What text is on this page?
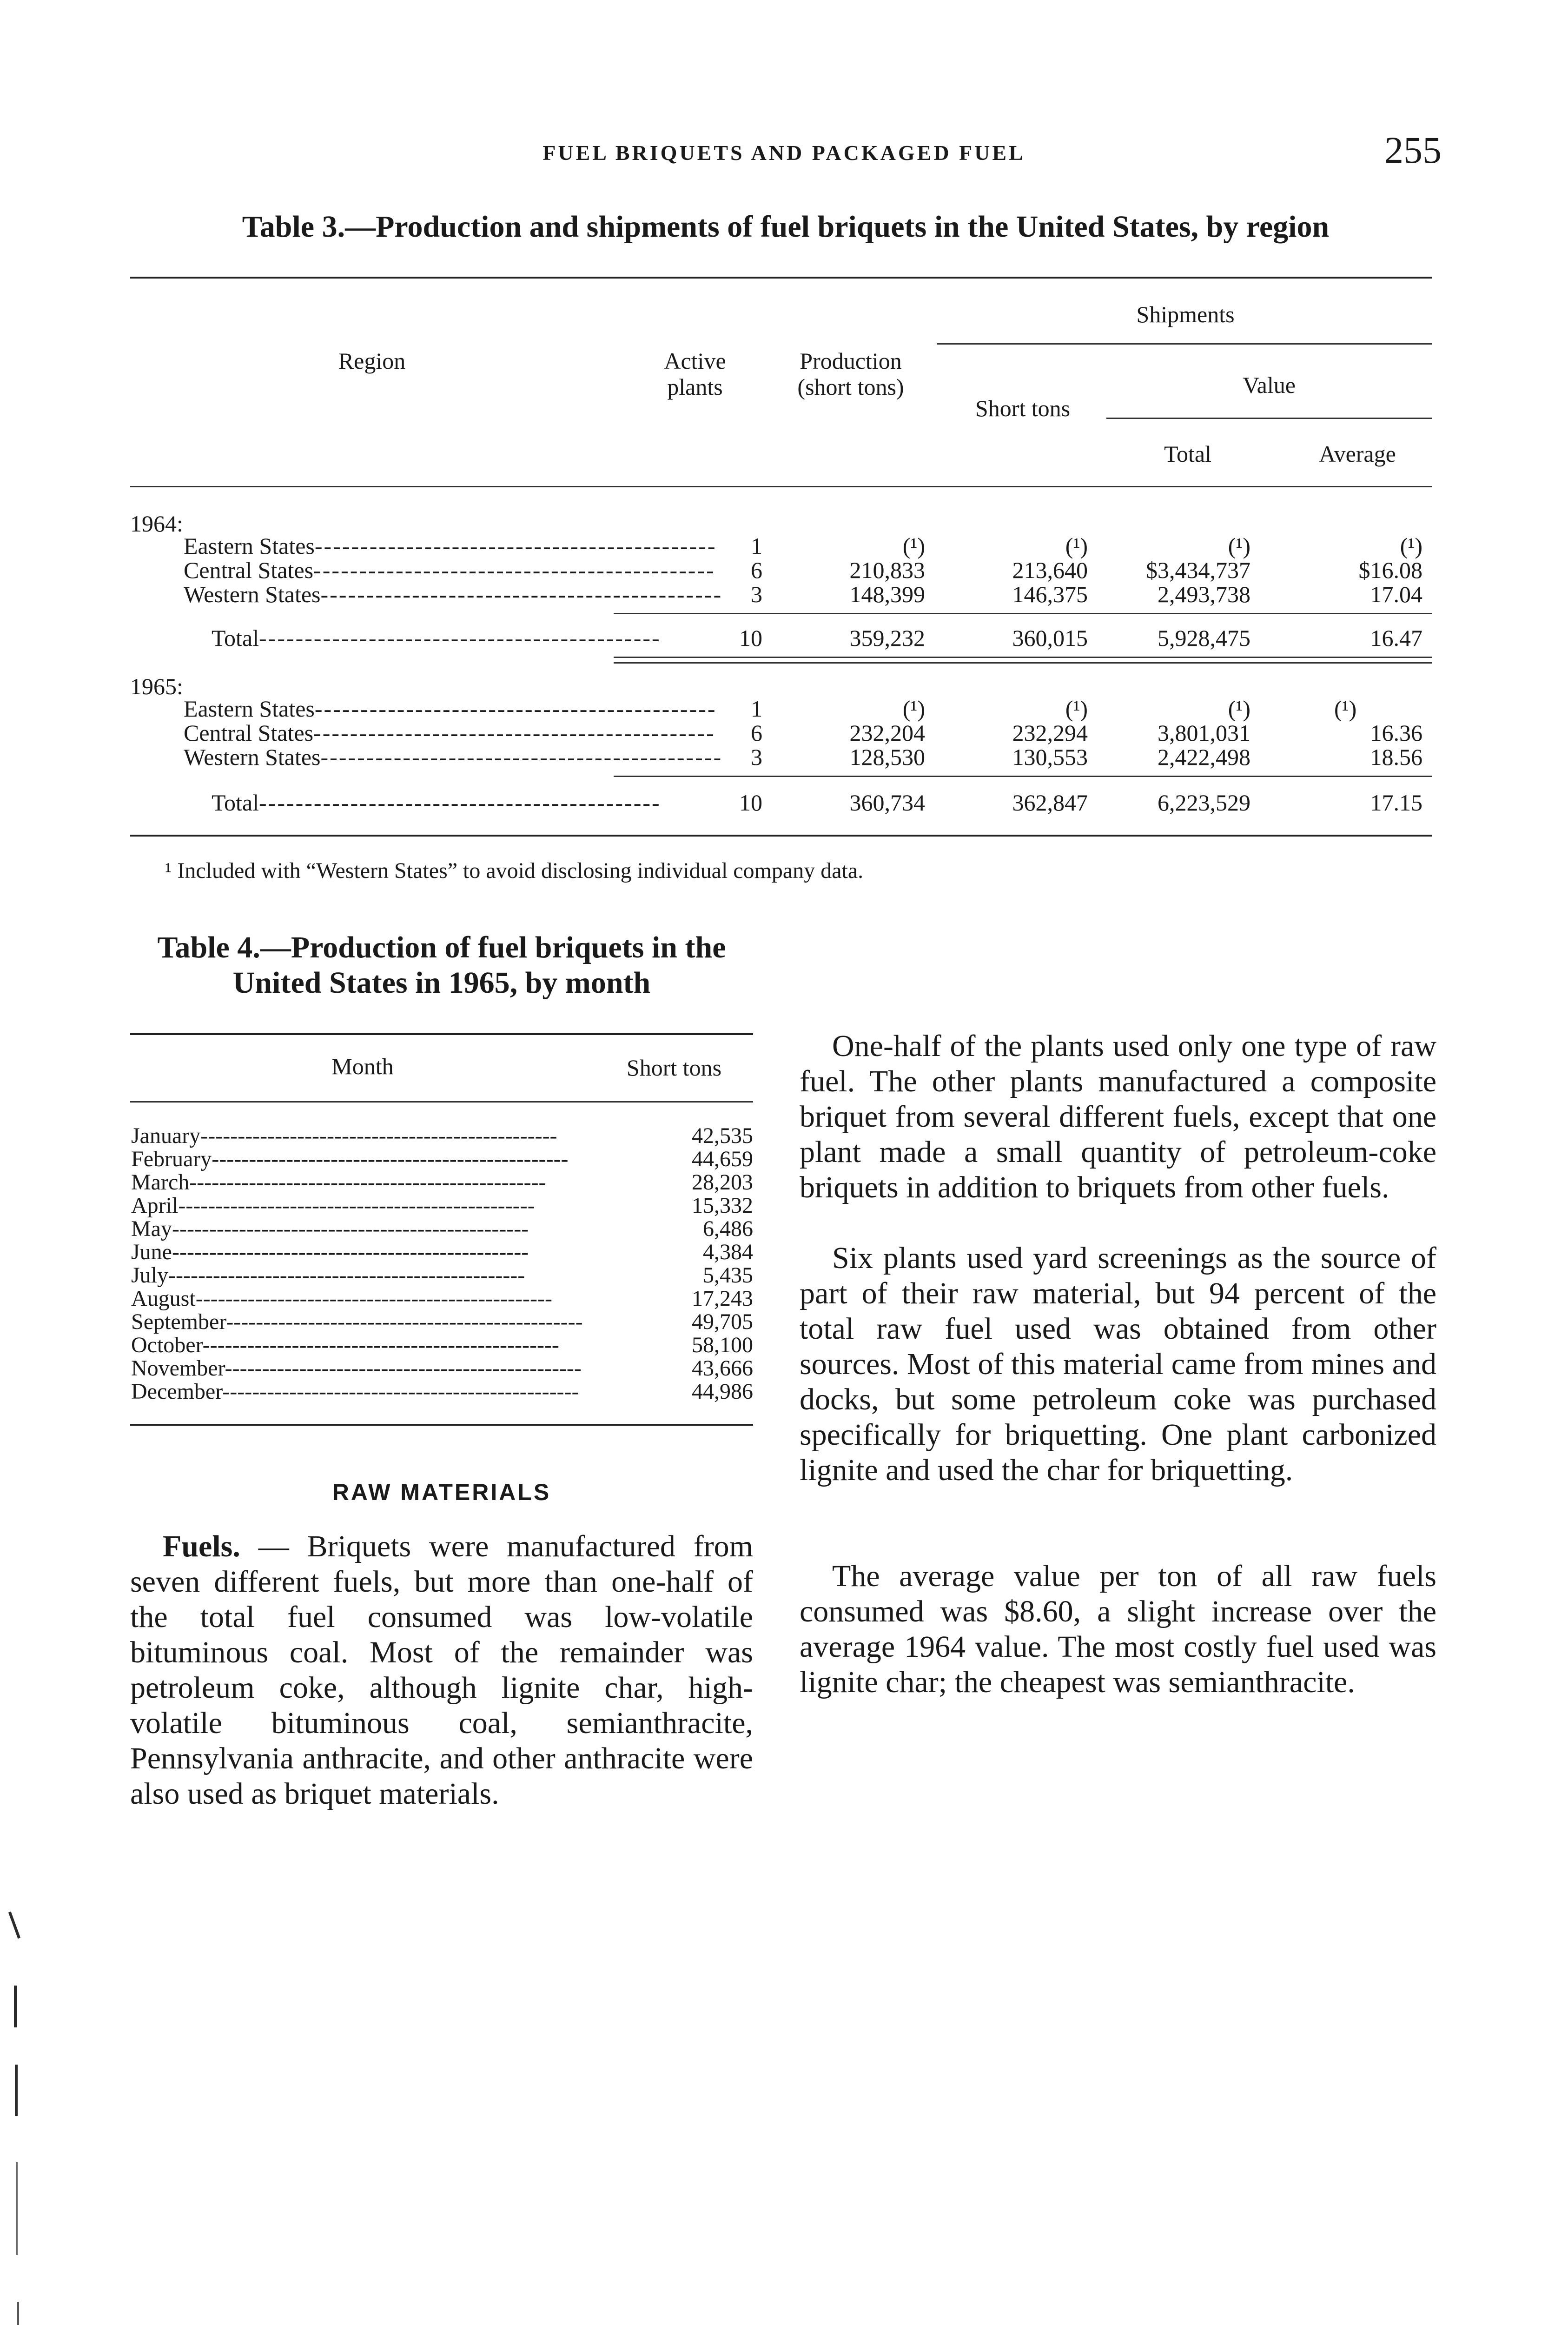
FUEL BRIQUETS AND PACKAGED FUEL	255
Table 3.—Production and shipments of fuel briquets in the United States, by region
Shipments
Region	Active plants
Production (short tons)	Value
Short tons
Total	Average
1964:
Eastern States--------------------------------------------	1	(¹)	(¹)	(¹)	(¹)
Central States--------------------------------------------	6	210,833	213,640	$3,434,737	$16.08
Western States--------------------------------------------	3	148,399	146,375	2,493,738	17.04
Total--------------------------------------------	10	359,232	360,015	5,928,475	16.47
1965:
Eastern States--------------------------------------------	1	(¹)	(¹)	(¹)	(¹)
Central States--------------------------------------------	6	232,204	232,294	3,801,031	16.36
Western States--------------------------------------------	3	128,530	130,553	2,422,498	18.56
Total--------------------------------------------	10	360,734	362,847	6,223,529	17.15
¹ Included with “Western States” to avoid disclosing individual company data.
Table 4.—Production of fuel briquets in the United States in 1965, by month
Month	Short tons
January------------------------------------------------	42,535
February------------------------------------------------	44,659
March------------------------------------------------	28,203
April------------------------------------------------	15,332
May------------------------------------------------	6,486
June------------------------------------------------	4,384
July------------------------------------------------	5,435
August------------------------------------------------	17,243
September------------------------------------------------	49,705
October------------------------------------------------	58,100
November------------------------------------------------	43,666
December------------------------------------------------	44,986
RAW MATERIALS
Fuels. — Briquets were manufactured from seven different fuels, but more than one-half of the total fuel consumed was low-volatile bituminous coal. Most of the remainder was petroleum coke, although lignite char, high-volatile bituminous coal, semianthracite, Pennsylvania anthracite, and other anthracite were also used as briquet materials.
One-half of the plants used only one type of raw fuel. The other plants manufactured a composite briquet from several different fuels, except that one plant made a small quantity of petroleum-coke briquets in addition to briquets from other fuels.
Six plants used yard screenings as the source of part of their raw material, but 94 percent of the total raw fuel used was obtained from other sources. Most of this material came from mines and docks, but some petroleum coke was purchased specifically for briquetting. One plant carbonized lignite and used the char for briquetting.
The average value per ton of all raw fuels consumed was $8.60, a slight increase over the average 1964 value. The most costly fuel used was lignite char; the cheapest was semianthracite.
